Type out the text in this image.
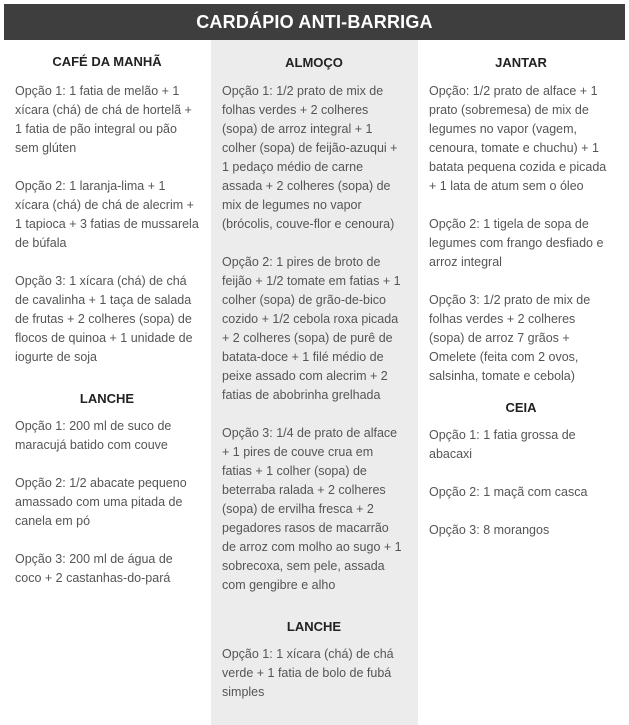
CARDÁPIO ANTI-BARRIGA
CAFÉ DA MANHÃ
Opção 1: 1 fatia de melão + 1 xícara (chá) de chá de hortelã + 1 fatia de pão integral ou pão sem glúten
Opção 2: 1 laranja-lima + 1 xícara (chá) de chá de alecrim + 1 tapioca + 3 fatias de mussarela de búfala
Opção 3: 1 xícara (chá) de chá de cavalinha + 1 taça de salada de frutas + 2 colheres (sopa) de flocos de quinoa + 1 unidade de iogurte de soja
LANCHE
Opção 1: 200 ml de suco de maracujá batido com couve
Opção 2: 1/2 abacate pequeno amassado com uma pitada de canela em pó
Opção 3: 200 ml de água de coco + 2 castanhas-do-pará
ALMOÇO
Opção 1: 1/2 prato de mix de folhas verdes + 2 colheres (sopa) de arroz integral + 1 colher (sopa) de feijão-azuqui + 1 pedaço médio de carne assada + 2 colheres (sopa) de mix de legumes no vapor (brócolis, couve-flor e cenoura)
Opção 2: 1 pires de broto de feijão + 1/2 tomate em fatias + 1 colher (sopa) de grão-de-bico cozido + 1/2 cebola roxa picada + 2 colheres (sopa) de purê de batata-doce + 1 filé médio de peixe assado com alecrim + 2 fatias de abobrinha grelhada
Opção 3: 1/4 de prato de alface + 1 pires de couve crua em fatias + 1 colher (sopa) de beterraba ralada + 2 colheres (sopa) de ervilha fresca + 2 pegadores rasos de macarrão de arroz com molho ao sugo + 1 sobrecoxa, sem pele, assada com gengibre e alho
LANCHE
Opção 1: 1 xícara (chá) de chá verde + 1 fatia de bolo de fubá simples
JANTAR
Opção: 1/2 prato de alface + 1 prato (sobremesa) de mix de legumes no vapor (vagem, cenoura, tomate e chuchu) + 1 batata pequena cozida e picada + 1 lata de atum sem o óleo
Opção 2: 1 tigela de sopa de legumes com frango desfiado e arroz integral
Opção 3: 1/2 prato de mix de folhas verdes + 2 colheres (sopa) de arroz 7 grãos + Omelete (feita com 2 ovos, salsinha, tomate e cebola)
CEIA
Opção 1: 1 fatia grossa de abacaxi
Opção 2: 1 maçã com casca
Opção 3: 8 morangos
